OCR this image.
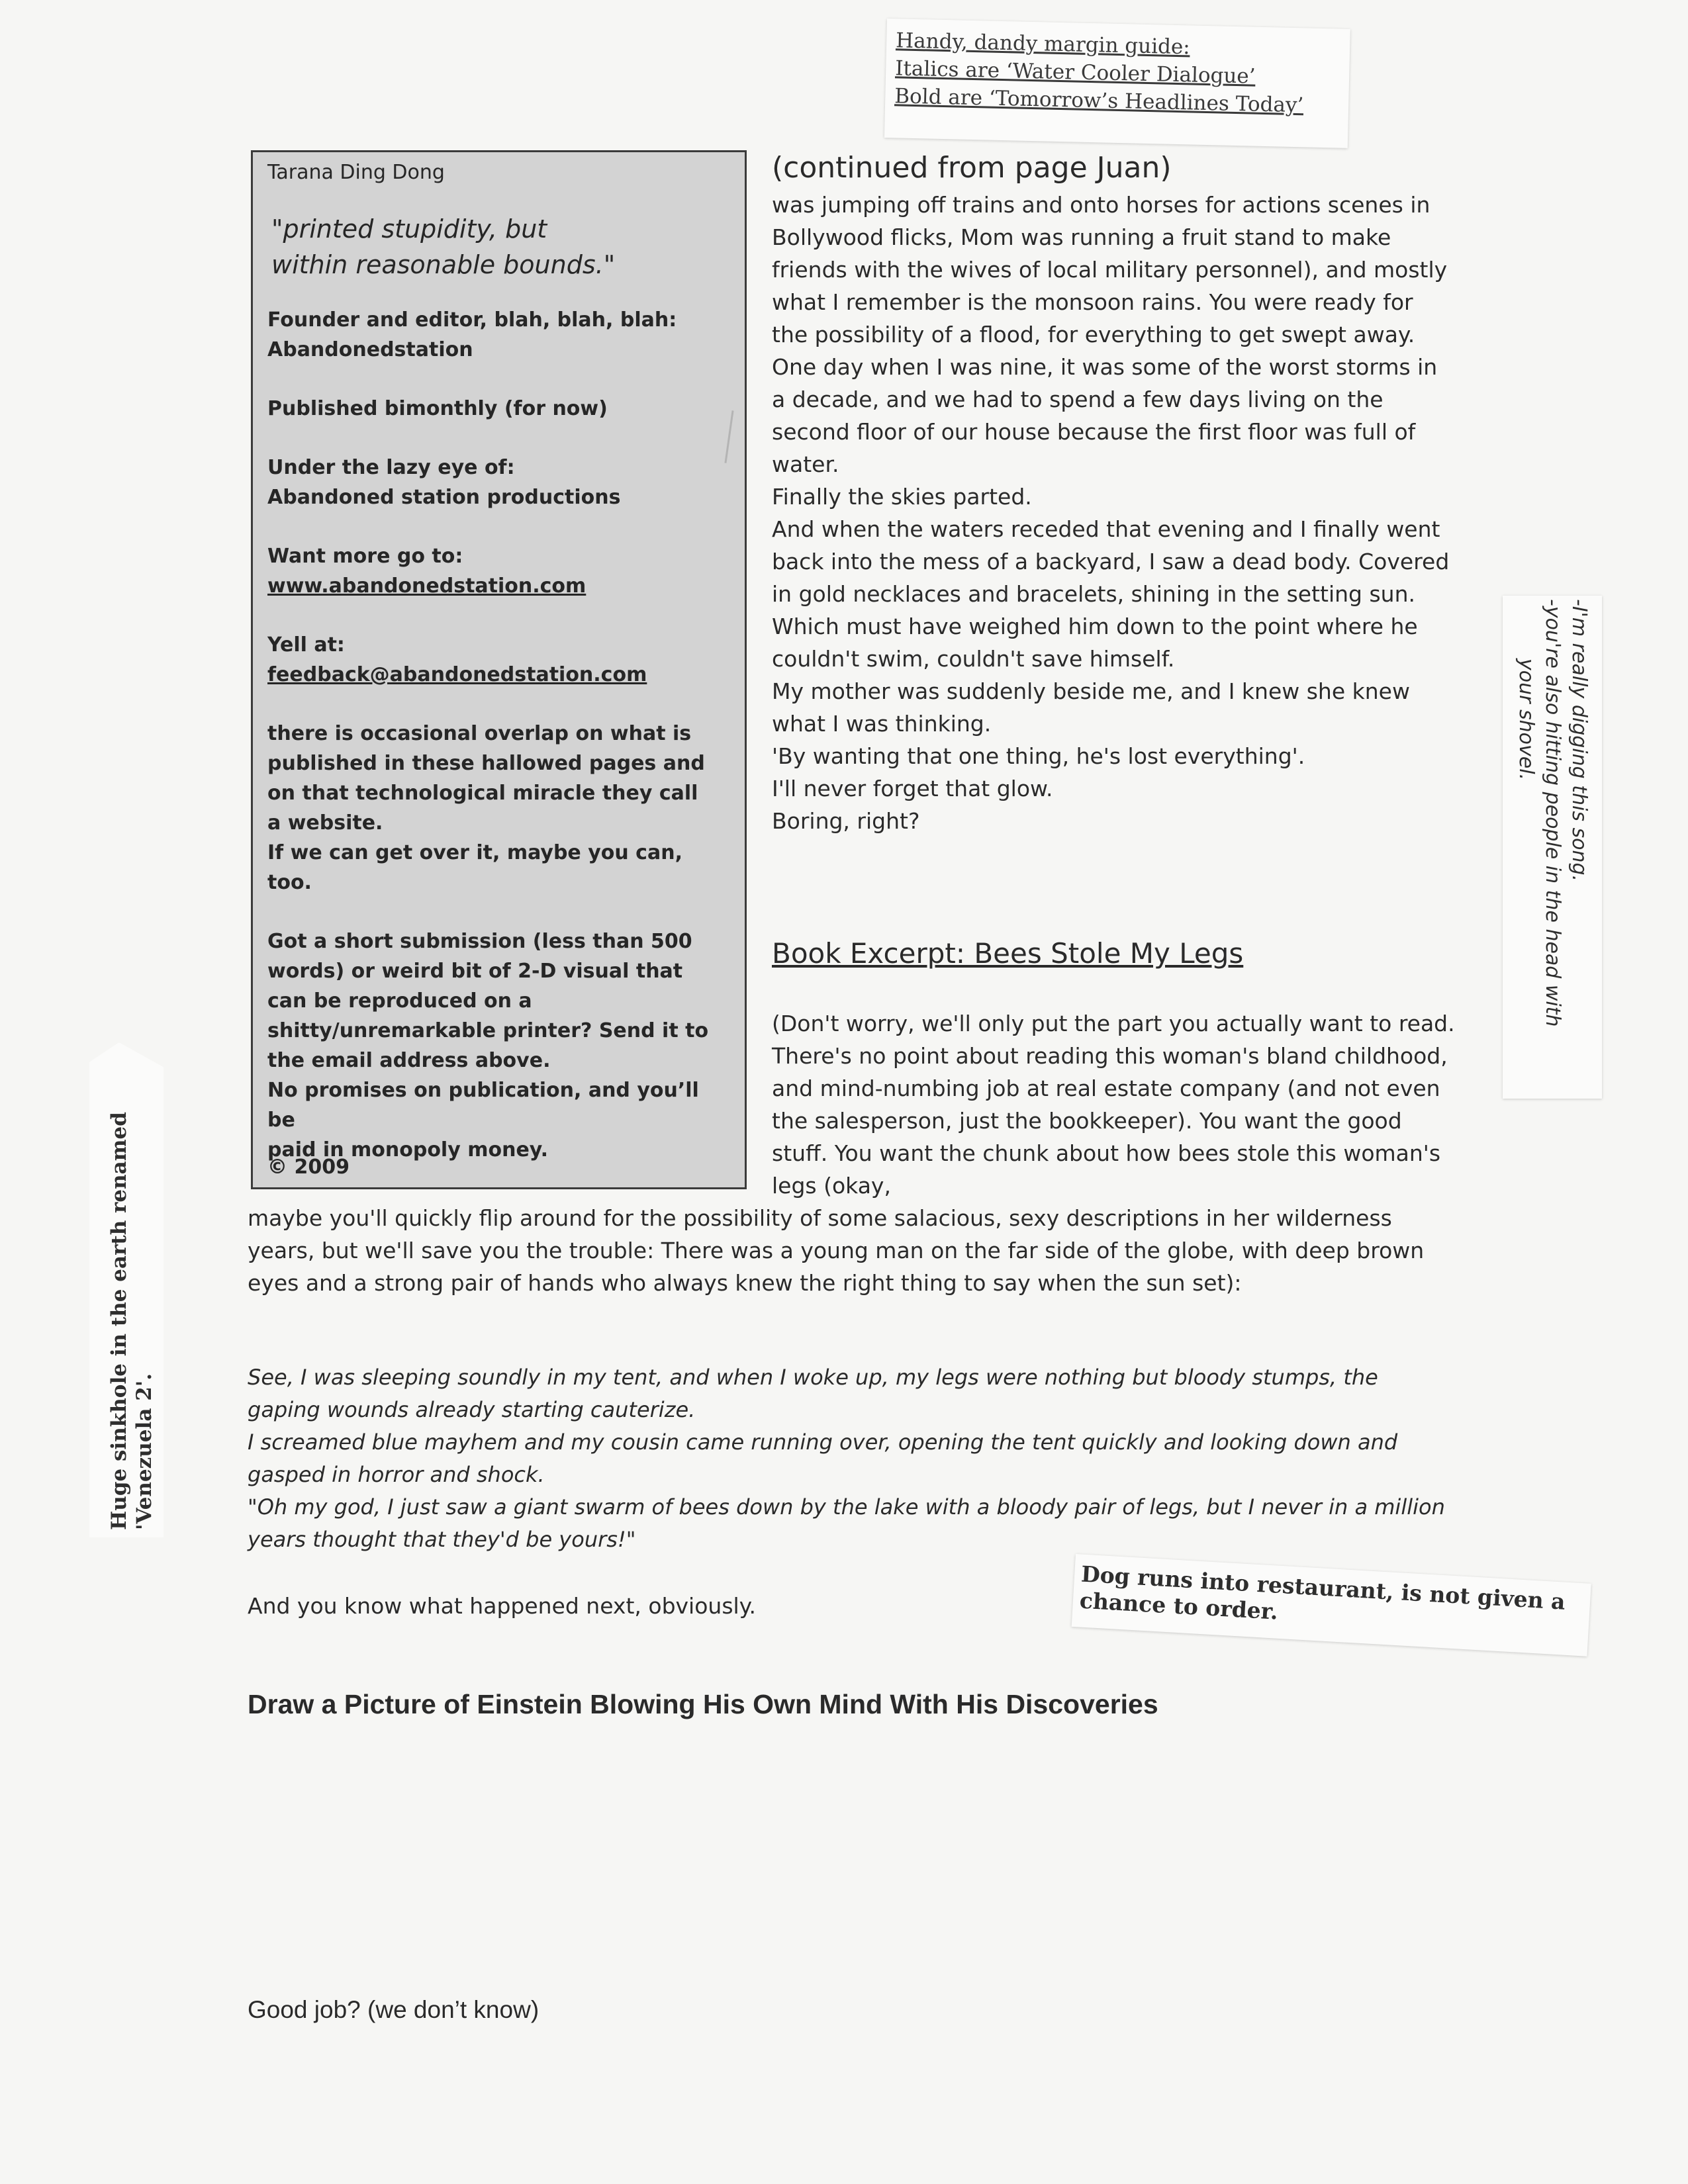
Handy, dandy margin guide:
Italics are ‘Water Cooler Dialogue’
Bold are ‘Tomorrow’s Headlines Today’
Tarana Ding Dong
"printed stupidity, but
within reasonable bounds."
Founder and editor, blah, blah, blah:
Abandonedstation
Published bimonthly (for now)
Under the lazy eye of:
Abandoned station productions
Want more go to:
www.abandonedstation.com
Yell at:
feedback@abandonedstation.com
there is occasional overlap on what is
published in these hallowed pages and
on that technological miracle they call
a website.
If we can get over it, maybe you can, too.
Got a short submission (less than 500
words) or weird bit of 2-D visual that
can be reproduced on a
shitty/unremarkable printer? Send it to
the email address above.
No promises on publication, and you’ll be
paid in monopoly money.
© 2009
(continued from page Juan)

was jumping off trains and onto horses for actions scenes in Bollywood flicks, Mom was running a fruit stand to make friends with the wives of local military personnel), and mostly what I remember is the monsoon rains. You were ready for the possibility of a flood, for everything to get swept away. One day when I was nine, it was some of the worst storms in a decade, and we had to spend a few days living on the second floor of our house because the first floor was full of water.

Finally the skies parted.

And when the waters receded that evening and I finally went back into the mess of a backyard, I saw a dead body. Covered in gold necklaces and bracelets, shining in the setting sun. Which must have weighed him down to the point where he couldn't swim, couldn't save himself.

My mother was suddenly beside me, and I knew she knew what I was thinking.

'By wanting that one thing, he's lost everything'.

I'll never forget that glow.

Boring, right?

Book Excerpt: Bees Stole My Legs
(Don't worry, we'll only put the part you actually want to read. There's no point about reading this woman's bland childhood, and mind-numbing job at real estate company (and not even the salesperson, just the bookkeeper). You want the good stuff. You want the chunk about how bees stole this woman's legs (okay,
maybe you'll quickly flip around for the possibility of some salacious, sexy descriptions in her wilderness years, but we'll save you the trouble: There was a young man on the far side of the globe, with deep brown eyes and a strong pair of hands who always knew the right thing to say when the sun set):

See, I was sleeping soundly in my tent, and when I woke up, my legs were nothing but bloody stumps, the gaping wounds already starting cauterize.

I screamed blue mayhem and my cousin came running over, opening the tent quickly and looking down and gasped in horror and shock.

"Oh my god, I just saw a giant swarm of bees down by the lake with a bloody pair of legs, but I never in a million years thought that they'd be yours!"

And you know what happened next, obviously.
Huge sinkhole in the earth renamed 'Venezuela 2'.
-I'm really digging this song.
-you're also hitting people in the head with
your shovel.
Dog runs into restaurant, is not given a chance to order.
Draw a Picture of Einstein Blowing His Own Mind With His Discoveries
Good job? (we don’t know)
